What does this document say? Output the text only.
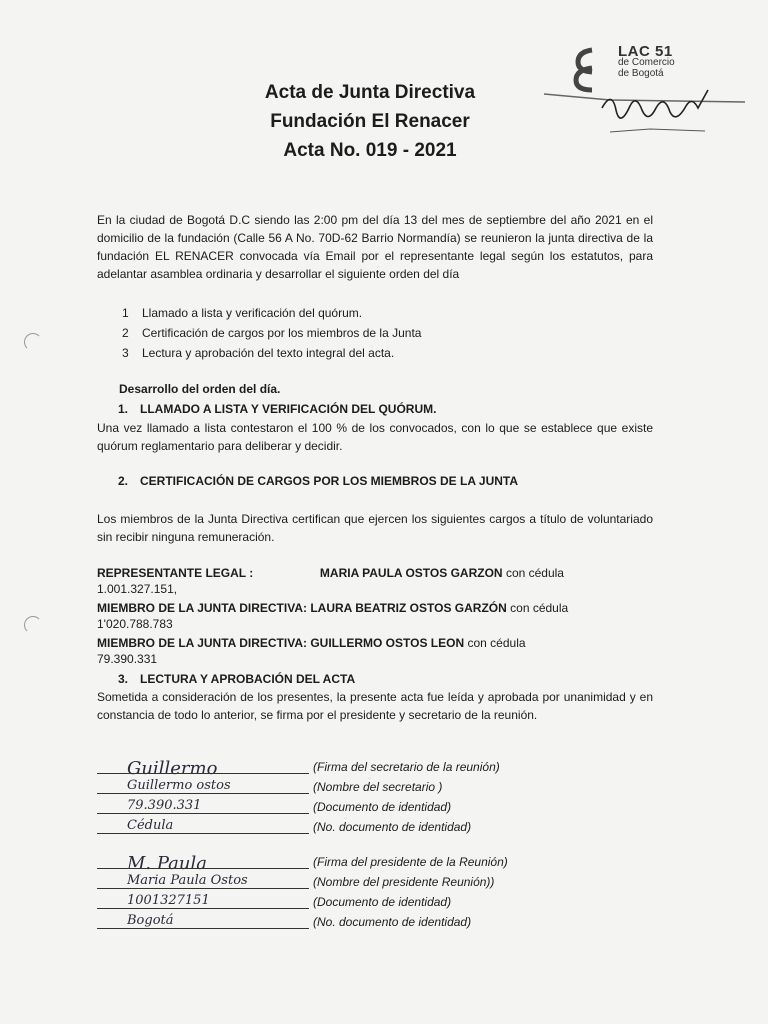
LAC 51
de Comercio
de Bogotá
Acta de Junta Directiva
Fundación El Renacer
Acta No. 019 - 2021
En la ciudad de Bogotá D.C siendo las 2:00 pm del día 13 del mes de septiembre del año 2021 en el domicilio de la fundación (Calle 56 A No. 70D-62 Barrio Normandía) se reunieron la junta directiva de la fundación EL RENACER convocada vía Email por el representante legal según los estatutos, para adelantar asamblea ordinaria y desarrollar el siguiente orden del día
1 Llamado a lista y verificación del quórum.
2 Certificación de cargos por los miembros de la Junta
3 Lectura y aprobación del texto integral del acta.
Desarrollo del orden del día.
1. LLAMADO A LISTA Y VERIFICACIÓN DEL QUÓRUM.
Una vez llamado a lista contestaron el 100 % de los convocados, con lo que se establece que existe quórum reglamentario para deliberar y decidir.
2. CERTIFICACIÓN DE CARGOS POR LOS MIEMBROS DE LA JUNTA
Los miembros de la Junta Directiva certifican que ejercen los siguientes cargos a título de voluntariado sin recibir ninguna remuneración.
REPRESENTANTE LEGAL :	MARIA PAULA OSTOS GARZON con cédula
1.001.327.151,
MIEMBRO DE LA JUNTA DIRECTIVA: LAURA BEATRIZ OSTOS GARZÓN con cédula
1'020.788.783
MIEMBRO DE LA JUNTA DIRECTIVA: GUILLERMO OSTOS LEON con cédula
79.390.331
3. LECTURA Y APROBACIÓN DEL ACTA
Sometida a consideración de los presentes, la presente acta fue leída y aprobada por unanimidad y en constancia de todo lo anterior, se firma por el presidente y secretario de la reunión.
Guillermo	(Firma del secretario de la reunión)
Guillermo ostos	(Nombre del secretario )
79.390.331	(Documento de identidad)
Cédula	(No. documento de identidad)
M. Paula	(Firma del presidente de la Reunión)
Maria Paula Ostos	(Nombre del presidente Reunión))
1001327151	(Documento de identidad)
Bogotá	(No. documento de identidad)
